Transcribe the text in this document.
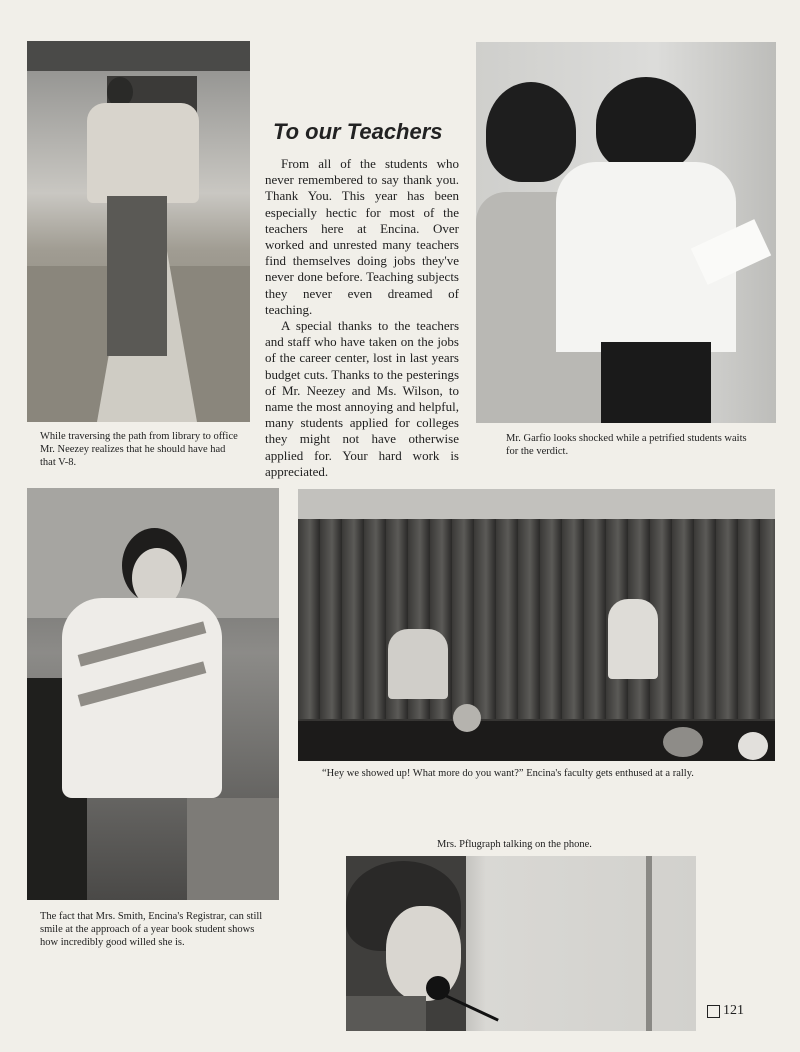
While traversing the path from library to office Mr. Neezey realizes that he should have had that V-8.
Mr. Garfio looks shocked while a petrified students waits for the verdict.
To our Teachers

From all of the students who never remembered to say thank you. Thank You. This year has been especially hectic for most of the teachers here at Encina. Over worked and unrested many teachers find themselves doing jobs they've never done before. Teaching subjects they never even dreamed of teaching.

A special thanks to the teachers and staff who have taken on the jobs of the career center, lost in last years budget cuts. Thanks to the pesterings of Mr. Neezey and Ms. Wilson, to name the most annoying and helpful, many students applied for colleges they might not have otherwise applied for. Your hard work is appreciated.

The fact that Mrs. Smith, Encina's Registrar, can still smile at the approach of a year book student shows how incredibly good willed she is.
“Hey we showed up! What more do you want?” Encina's faculty gets enthused at a rally.
Mrs. Pflugraph talking on the phone.
121
